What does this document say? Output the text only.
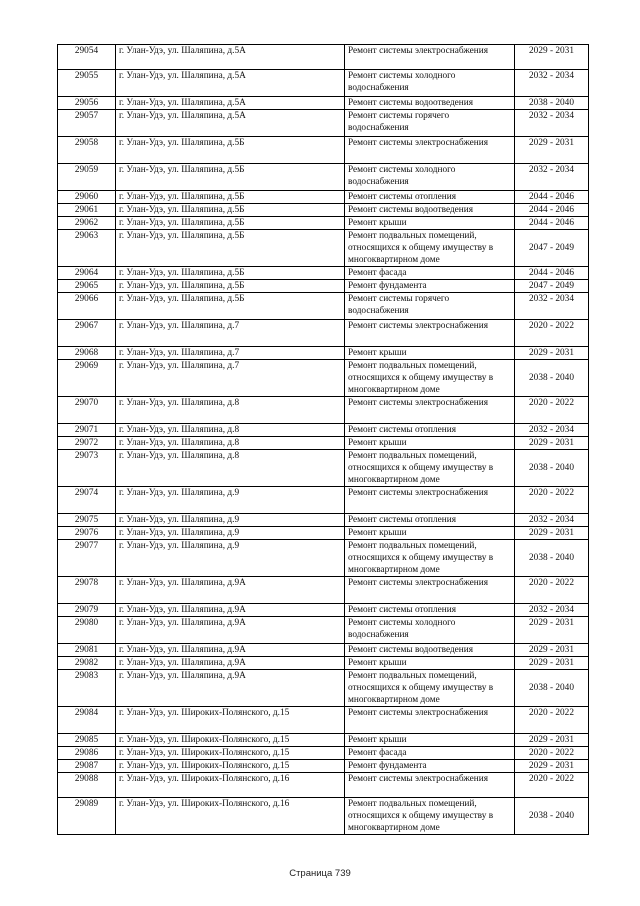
29054	г. Улан-Удэ, ул. Шаляпина, д.5А	Ремонт системы электроснабжения	2029 - 2031
29055	г. Улан-Удэ, ул. Шаляпина, д.5А	Ремонт системы холодного водоснабжения	2032 - 2034
29056	г. Улан-Удэ, ул. Шаляпина, д.5А	Ремонт системы водоотведения	2038 - 2040
29057	г. Улан-Удэ, ул. Шаляпина, д.5А	Ремонт системы горячего водоснабжения	2032 - 2034
29058	г. Улан-Удэ, ул. Шаляпина, д.5Б	Ремонт системы электроснабжения	2029 - 2031
29059	г. Улан-Удэ, ул. Шаляпина, д.5Б	Ремонт системы холодного водоснабжения	2032 - 2034
29060	г. Улан-Удэ, ул. Шаляпина, д.5Б	Ремонт системы отопления	2044 - 2046
29061	г. Улан-Удэ, ул. Шаляпина, д.5Б	Ремонт системы водоотведения	2044 - 2046
29062	г. Улан-Удэ, ул. Шаляпина, д.5Б	Ремонт крыши	2044 - 2046
29063	г. Улан-Удэ, ул. Шаляпина, д.5Б	Ремонт подвальных помещений, относящихся к общему имуществу в многоквартирном доме	2047 - 2049
29064	г. Улан-Удэ, ул. Шаляпина, д.5Б	Ремонт фасада	2044 - 2046
29065	г. Улан-Удэ, ул. Шаляпина, д.5Б	Ремонт фундамента	2047 - 2049
29066	г. Улан-Удэ, ул. Шаляпина, д.5Б	Ремонт системы горячего водоснабжения	2032 - 2034
29067	г. Улан-Удэ, ул. Шаляпина, д.7	Ремонт системы электроснабжения	2020 - 2022
29068	г. Улан-Удэ, ул. Шаляпина, д.7	Ремонт крыши	2029 - 2031
29069	г. Улан-Удэ, ул. Шаляпина, д.7	Ремонт подвальных помещений, относящихся к общему имуществу в многоквартирном доме	2038 - 2040
29070	г. Улан-Удэ, ул. Шаляпина, д.8	Ремонт системы электроснабжения	2020 - 2022
29071	г. Улан-Удэ, ул. Шаляпина, д.8	Ремонт системы отопления	2032 - 2034
29072	г. Улан-Удэ, ул. Шаляпина, д.8	Ремонт крыши	2029 - 2031
29073	г. Улан-Удэ, ул. Шаляпина, д.8	Ремонт подвальных помещений, относящихся к общему имуществу в многоквартирном доме	2038 - 2040
29074	г. Улан-Удэ, ул. Шаляпина, д.9	Ремонт системы электроснабжения	2020 - 2022
29075	г. Улан-Удэ, ул. Шаляпина, д.9	Ремонт системы отопления	2032 - 2034
29076	г. Улан-Удэ, ул. Шаляпина, д.9	Ремонт крыши	2029 - 2031
29077	г. Улан-Удэ, ул. Шаляпина, д.9	Ремонт подвальных помещений, относящихся к общему имуществу в многоквартирном доме	2038 - 2040
29078	г. Улан-Удэ, ул. Шаляпина, д.9А	Ремонт системы электроснабжения	2020 - 2022
29079	г. Улан-Удэ, ул. Шаляпина, д.9А	Ремонт системы отопления	2032 - 2034
29080	г. Улан-Удэ, ул. Шаляпина, д.9А	Ремонт системы холодного водоснабжения	2029 - 2031
29081	г. Улан-Удэ, ул. Шаляпина, д.9А	Ремонт системы водоотведения	2029 - 2031
29082	г. Улан-Удэ, ул. Шаляпина, д.9А	Ремонт крыши	2029 - 2031
29083	г. Улан-Удэ, ул. Шаляпина, д.9А	Ремонт подвальных помещений, относящихся к общему имуществу в многоквартирном доме	2038 - 2040
29084	г. Улан-Удэ, ул. Широких-Полянского, д.15	Ремонт системы электроснабжения	2020 - 2022
29085	г. Улан-Удэ, ул. Широких-Полянского, д.15	Ремонт крыши	2029 - 2031
29086	г. Улан-Удэ, ул. Широких-Полянского, д.15	Ремонт фасада	2020 - 2022
29087	г. Улан-Удэ, ул. Широких-Полянского, д.15	Ремонт фундамента	2029 - 2031
29088	г. Улан-Удэ, ул. Широких-Полянского, д.16	Ремонт системы электроснабжения	2020 - 2022
29089	г. Улан-Удэ, ул. Широких-Полянского, д.16	Ремонт подвальных помещений, относящихся к общему имуществу в многоквартирном доме	2038 - 2040
Страница 739
